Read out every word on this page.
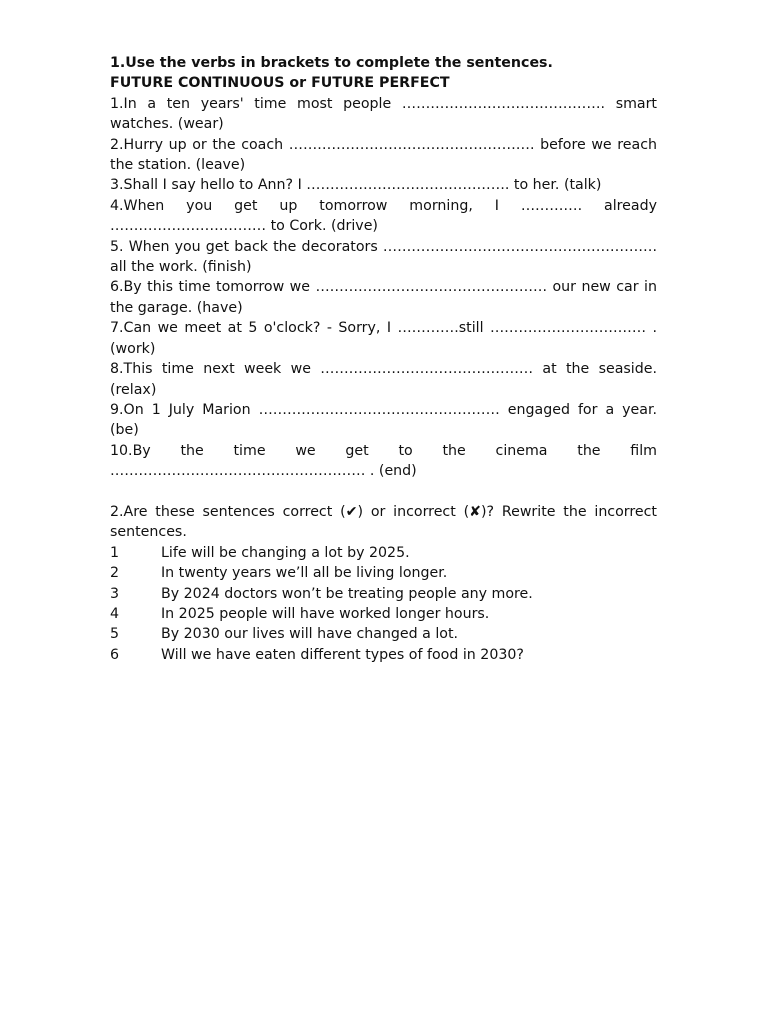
1.Use the verbs in brackets to complete the sentences.

FUTURE CONTINUOUS or FUTURE PERFECT

1.In a ten years' time most people ……………………………………. smart watches. (wear)

2.Hurry up or the coach ……………………………………………. before we reach the station. (leave)

3.Shall I say hello to Ann? I ……………………………………. to her. (talk)

4.When you get up tomorrow morning, I …………. already …………………………… to Cork. (drive)

5. When you get back the decorators …………………………………………………. all the work. (finish)

6.By this time tomorrow we …………………………………………. our new car in the garage. (have)

7.Can we meet at 5 o'clock? - Sorry, I ………….still …………………………… . (work)

8.This time next week we ……………………………………… at the seaside. (relax)

9.On 1 July Marion …………………………………………… engaged for a year. (be)

10.By the time we get to the cinema the film ……………………………………………… . (end)

2.Are these sentences correct (✔) or incorrect (✘)? Rewrite the incorrect sentences.

1	Life will be changing a lot by 2025.
2	In twenty years we’ll all be living longer.
3	By 2024 doctors won’t be treating people any more.
4	In 2025 people will have worked longer hours.
5	By 2030 our lives will have changed a lot.
6	Will we have eaten different types of food in 2030?
